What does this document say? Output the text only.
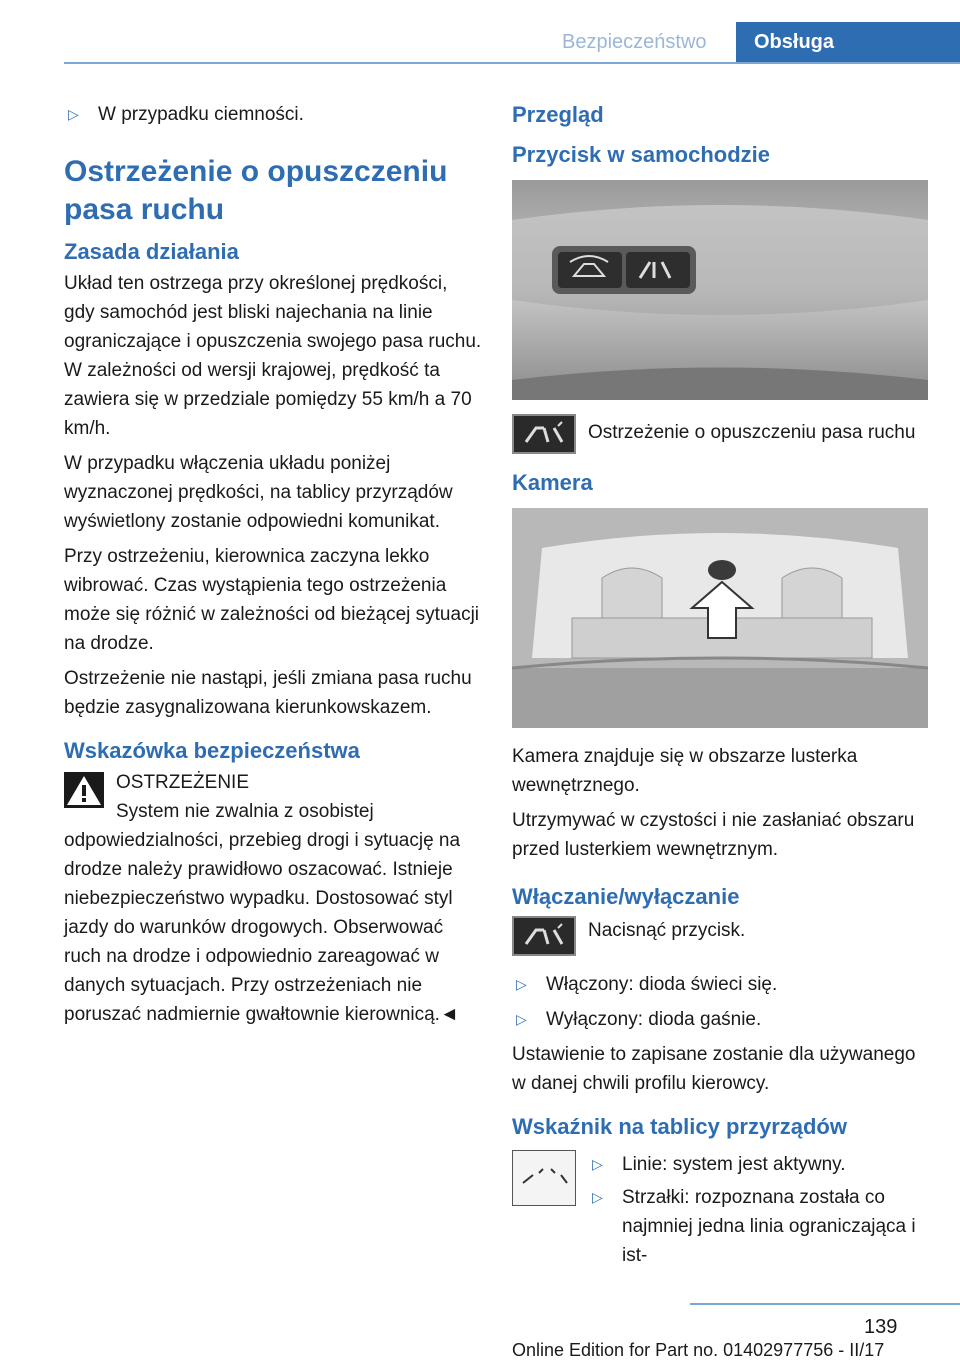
Bezpieczeństwo	Obsługa

▷ W przypadku ciemności.

Ostrzeżenie o opuszczeniu pasa ruchu
Zasada działania

Układ ten ostrzega przy określonej prędkości, gdy samochód jest bliski najechania na linie ograniczające i opuszczenia swojego pasa ruchu. W zależności od wersji krajowej, prędkość ta zawiera się w przedziale pomiędzy 55 km/h a 70 km/h.

W przypadku włączenia układu poniżej wyznaczonej prędkości, na tablicy przyrządów wyświetlony zostanie odpowiedni komunikat.

Przy ostrzeżeniu, kierownica zaczyna lekko wibrować. Czas wystąpienia tego ostrzeżenia może się różnić w zależności od bieżącej sytuacji na drodze.

Ostrzeżenie nie nastąpi, jeśli zmiana pasa ruchu będzie zasygnalizowana kierunkowskazem.

Wskazówka bezpieczeństwa

OSTRZEŻENIE

System nie zwalnia z osobistej odpowiedzialności, przebieg drogi i sytuację na drodze należy prawidłowo oszacować. Istnieje niebezpieczeństwo wypadku. Dostosować styl jazdy do warunków drogowych. Obserwować ruch na drodze i odpowiednio zareagować w danych sytuacjach. Przy ostrzeżeniach nie poruszać nadmiernie gwałtownie kierownicą.◄

Przegląd
Przycisk w samochodzie
Ostrzeżenie o opuszczeniu pasa ruchu
Kamera

Kamera znajduje się w obszarze lusterka wewnętrznego.

Utrzymywać w czystości i nie zasłaniać obszaru przed lusterkiem wewnętrznym.

Włączanie/wyłączanie
Nacisnąć przycisk.

▷ Włączony: dioda świeci się.

▷ Wyłączony: dioda gaśnie.

Ustawienie to zapisane zostanie dla używanego w danej chwili profilu kierowcy.

Wskaźnik na tablicy przyrządów

▷ Linie: system jest aktywny.

▷ Strzałki: rozpoznana została co najmniej jedna linia ograniczająca i ist-

139
Online Edition for Part no. 01402977756 - II/17
